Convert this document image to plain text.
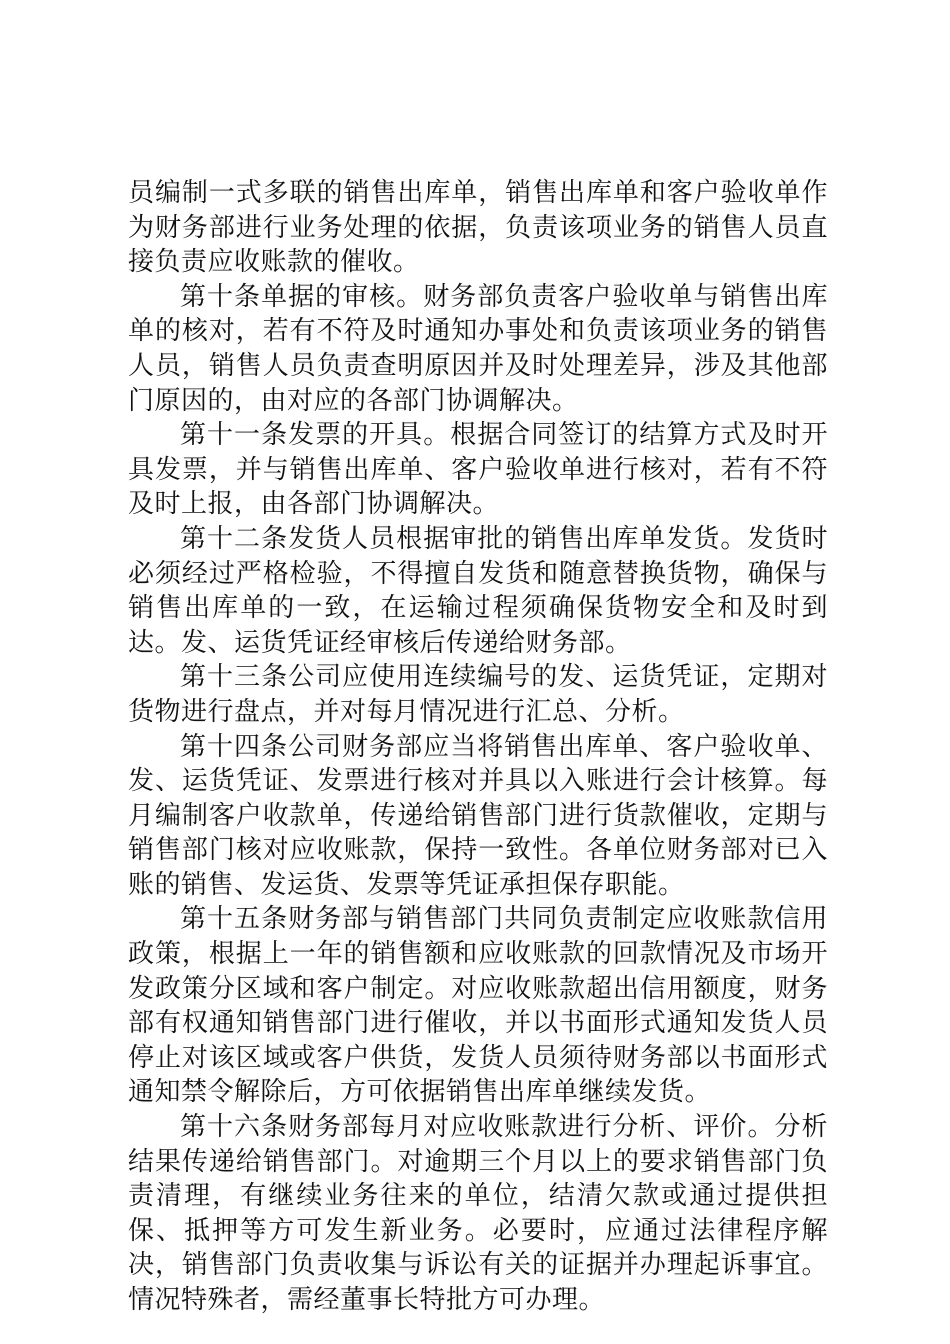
员编制一式多联的销售出库单，销售出库单和客户验收单作为财务部进行业务处理的依据，负责该项业务的销售人员直接负责应收账款的催收。

第十条单据的审核。财务部负责客户验收单与销售出库单的核对，若有不符及时通知办事处和负责该项业务的销售人员，销售人员负责查明原因并及时处理差异，涉及其他部门原因的，由对应的各部门协调解决。

第十一条发票的开具。根据合同签订的结算方式及时开具发票，并与销售出库单、客户验收单进行核对，若有不符及时上报，由各部门协调解决。

第十二条发货人员根据审批的销售出库单发货。发货时必须经过严格检验，不得擅自发货和随意替换货物，确保与销售出库单的一致，在运输过程须确保货物安全和及时到达。发、运货凭证经审核后传递给财务部。

第十三条公司应使用连续编号的发、运货凭证，定期对货物进行盘点，并对每月情况进行汇总、分析。

第十四条公司财务部应当将销售出库单、客户验收单、发、运货凭证、发票进行核对并具以入账进行会计核算。每月编制客户收款单，传递给销售部门进行货款催收，定期与销售部门核对应收账款，保持一致性。各单位财务部对已入账的销售、发运货、发票等凭证承担保存职能。

第十五条财务部与销售部门共同负责制定应收账款信用政策，根据上一年的销售额和应收账款的回款情况及市场开发政策分区域和客户制定。对应收账款超出信用额度，财务部有权通知销售部门进行催收，并以书面形式通知发货人员停止对该区域或客户供货，发货人员须待财务部以书面形式通知禁令解除后，方可依据销售出库单继续发货。

第十六条财务部每月对应收账款进行分析、评价。分析结果传递给销售部门。对逾期三个月以上的要求销售部门负责清理，有继续业务往来的单位，结清欠款或通过提供担保、抵押等方可发生新业务。必要时，应通过法律程序解决，销售部门负责收集与诉讼有关的证据并办理起诉事宜。情况特殊者，需经董事长特批方可办理。
